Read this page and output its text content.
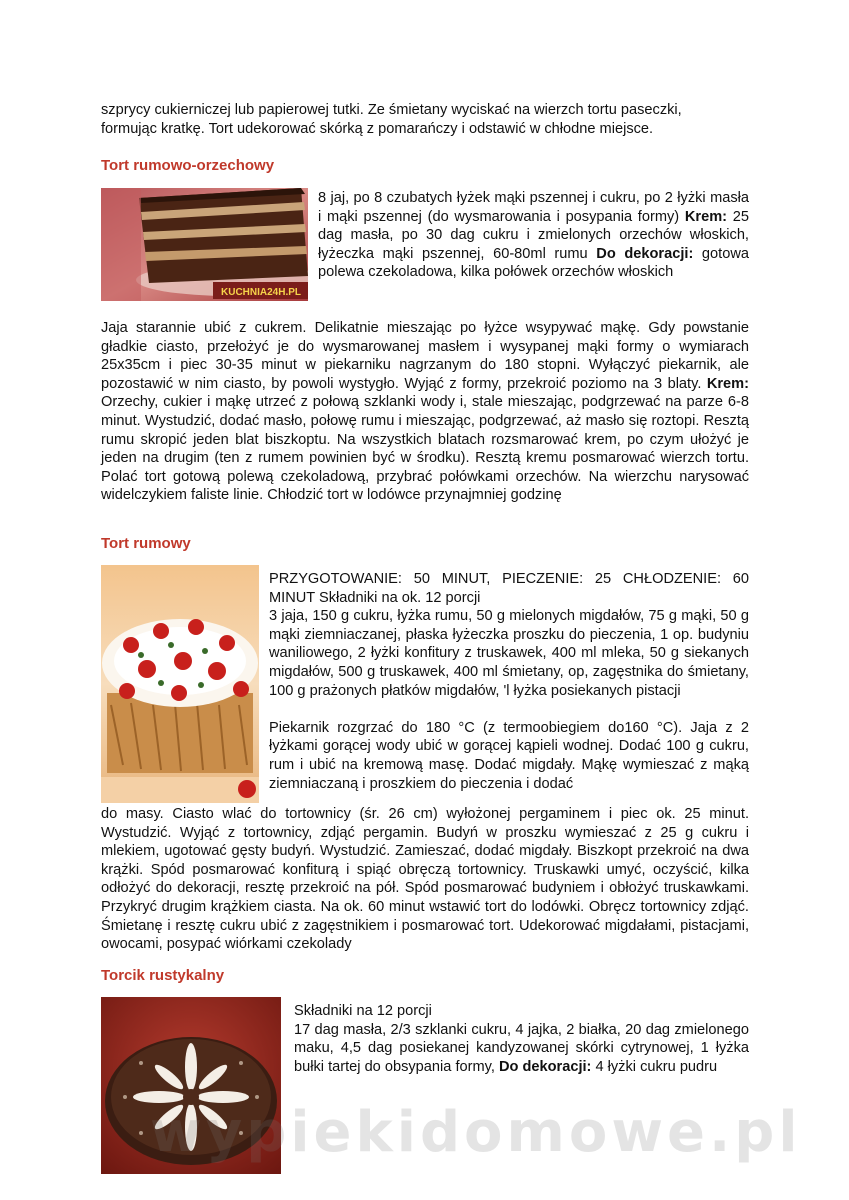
szprycy cukierniczej lub papierowej tutki. Ze śmietany wyciskać na wierzch tortu paseczki,

formując kratkę. Tort udekorować skórką z pomarańczy i odstawić w chłodne miejsce.

Tort rumowo-orzechowy
KUCHNIA24H.PL
8 jaj, po 8 czubatych łyżek mąki pszennej i cukru, po 2 łyżki masła i mąki pszennej (do wysmarowania i posypania formy) Krem: 25 dag masła, po 30 dag cukru i zmielonych orzechów włoskich, łyżeczka mąki pszennej, 60-80ml rumu Do dekoracji: gotowa polewa czekoladowa, kilka połówek orzechów włoskich
Jaja starannie ubić z cukrem. Delikatnie mieszając po łyżce wsypywać mąkę. Gdy powstanie gładkie ciasto, przełożyć je do wysmarowanej masłem i wysypanej mąki formy o wymiarach 25x35cm i piec 30-35 minut w piekarniku nagrzanym do 180 stopni. Wyłączyć piekarnik, ale pozostawić w nim ciasto, by powoli wystygło. Wyjąć z formy, przekroić poziomo na 3 blaty. Krem: Orzechy, cukier i mąkę utrzeć z połową szklanki wody i, stale mieszając, podgrzewać na parze 6-8 minut. Wystudzić, dodać masło, połowę rumu i mieszając, podgrzewać, aż masło się roztopi. Resztą rumu skropić jeden blat biszkoptu. Na wszystkich blatach rozsmarować krem, po czym ułożyć je jeden na drugim (ten z rumem powinien być w środku). Resztą kremu posmarować wierzch tortu. Polać tort gotową polewą czekoladową, przybrać połówkami orzechów. Na wierzchu narysować widelczykiem faliste linie. Chłodzić tort w lodówce przynajmniej godzinę
Tort rumowy

PRZYGOTOWANIE: 50 MINUT, PIECZENIE: 25 CHŁODZENIE: 60 MINUT Składniki na ok. 12 porcji

3 jaja, 150 g cukru, łyżka rumu, 50 g mielonych migdałów, 75 g mąki, 50 g mąki ziemniaczanej, płaska łyżeczka proszku do pieczenia, 1 op. budyniu waniliowego, 2 łyżki konfitury z truskawek, 400 ml mleka, 50 g siekanych migdałów, 500 g truskawek, 400 ml śmietany, op, zagęstnika do śmietany, 100 g prażonych płatków migdałów, 'l łyżka posiekanych pistacji

Piekarnik rozgrzać do 180 °C (z termoobiegiem do160 °C). Jaja z 2 łyżkami gorącej wody ubić w gorącej kąpieli wodnej. Dodać 100 g cukru, rum i ubić na kremową masę. Dodać migdały. Mąkę wymieszać z mąką ziemniaczaną i proszkiem do pieczenia i dodać

do masy. Ciasto wlać do tortownicy (śr. 26 cm) wyłożonej pergaminem i piec ok. 25 minut. Wystudzić. Wyjąć z tortownicy, zdjąć pergamin. Budyń w proszku wymieszać z 25 g cukru i mlekiem, ugotować gęsty budyń. Wystudzić. Zamieszać, dodać migdały. Biszkopt przekroić na dwa krążki. Spód posmarować konfiturą i spiąć obręczą tortownicy. Truskawki umyć, oczyścić, kilka odłożyć do dekoracji, resztę przekroić na pół. Spód posmarować budyniem i obłożyć truskawkami. Przykryć drugim krążkiem ciasta. Na ok. 60 minut wstawić tort do lodówki. Obręcz tortownicy zdjąć. Śmietanę i resztę cukru ubić z zagęstnikiem i posmarować tort. Udekorować migdałami, pistacjami, owocami, posypać wiórkami czekolady
Torcik rustykalny

Składniki na 12 porcji

17 dag masła, 2/3 szklanki cukru, 4 jajka, 2 białka, 20 dag zmielonego maku, 4,5 dag posiekanej kandyzowanej skórki cytrynowej, 1 łyżka bułki tartej do obsypania formy, Do dekoracji: 4 łyżki cukru pudru

wypiekidomowe.pl
